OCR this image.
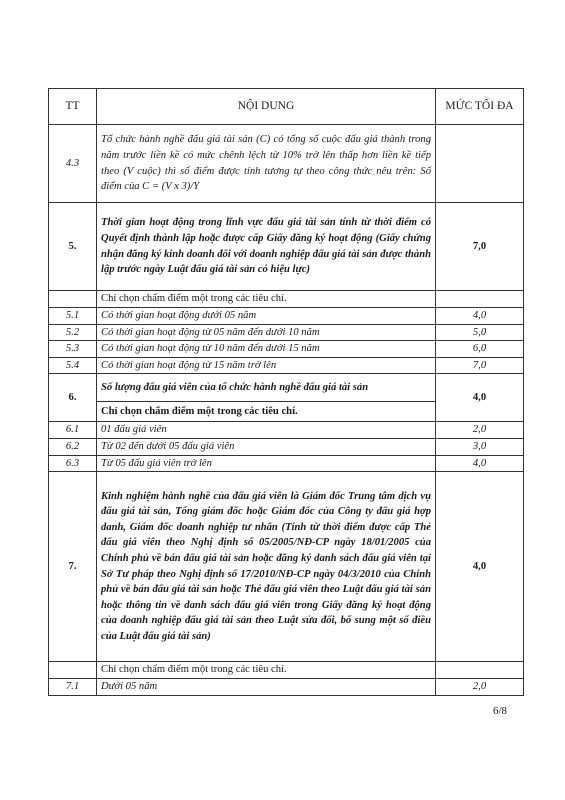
TT	NỘI DUNG	MỨC TỐI ĐA
4.3	Tổ chức hành nghề đấu giá tài sản (C) có tổng số cuộc đấu giá thành trong năm trước liền kề có mức chênh lệch từ 10% trở lên thấp hơn liền kề tiếp theo (V cuộc) thì số điểm được tính tương tự theo công thức nêu trên: Số điểm của C = (V x 3)/Y	
5.	Thời gian hoạt động trong lĩnh vực đấu giá tài sản tính từ thời điểm có Quyết định thành lập hoặc được cấp Giấy đăng ký hoạt động (Giấy chứng nhận đăng ký kinh doanh đối với doanh nghiệp đấu giá tài sản được thành lập trước ngày Luật đấu giá tài sản có hiệu lực)	7,0
	Chỉ chọn chấm điểm một trong các tiêu chí.	
5.1	Có thời gian hoạt động dưới 05 năm	4,0
5.2	Có thời gian hoạt động từ 05 năm đến dưới 10 năm	5,0
5.3	Có thời gian hoạt động từ 10 năm đến dưới 15 năm	6,0
5.4	Có thời gian hoạt động từ 15 năm trở lên	7,0
6.	Số lượng đấu giá viên của tổ chức hành nghề đấu giá tài sản	4,0
	Chỉ chọn chấm điểm một trong các tiêu chí.	
6.1	01 đấu giá viên	2,0
6.2	Từ 02 đến dưới 05 đấu giá viên	3,0
6.3	Từ 05 đấu giá viên trở lên	4,0
7.	Kinh nghiệm hành nghề của đấu giá viên là Giám đốc Trung tâm dịch vụ đấu giá tài sản, Tổng giám đốc hoặc Giám đốc của Công ty đấu giá hợp danh, Giám đốc doanh nghiệp tư nhân (Tính từ thời điểm được cấp Thẻ đấu giá viên theo Nghị định số 05/2005/NĐ-CP ngày 18/01/2005 của Chính phủ về bán đấu giá tài sản hoặc đăng ký danh sách đấu giá viên tại Sở Tư pháp theo Nghị định số 17/2010/NĐ-CP ngày 04/3/2010 của Chính phủ về bán đấu giá tài sản hoặc Thẻ đấu giá viên theo Luật đấu giá tài sản hoặc thông tin về danh sách đấu giá viên trong Giấy đăng ký hoạt động của doanh nghiệp đấu giá tài sản theo Luật sửa đổi, bổ sung một số điều của Luật đấu giá tài sản)	4,0
	Chỉ chọn chấm điểm một trong các tiêu chí.	
7.1	Dưới 05 năm	2,0
6/8
